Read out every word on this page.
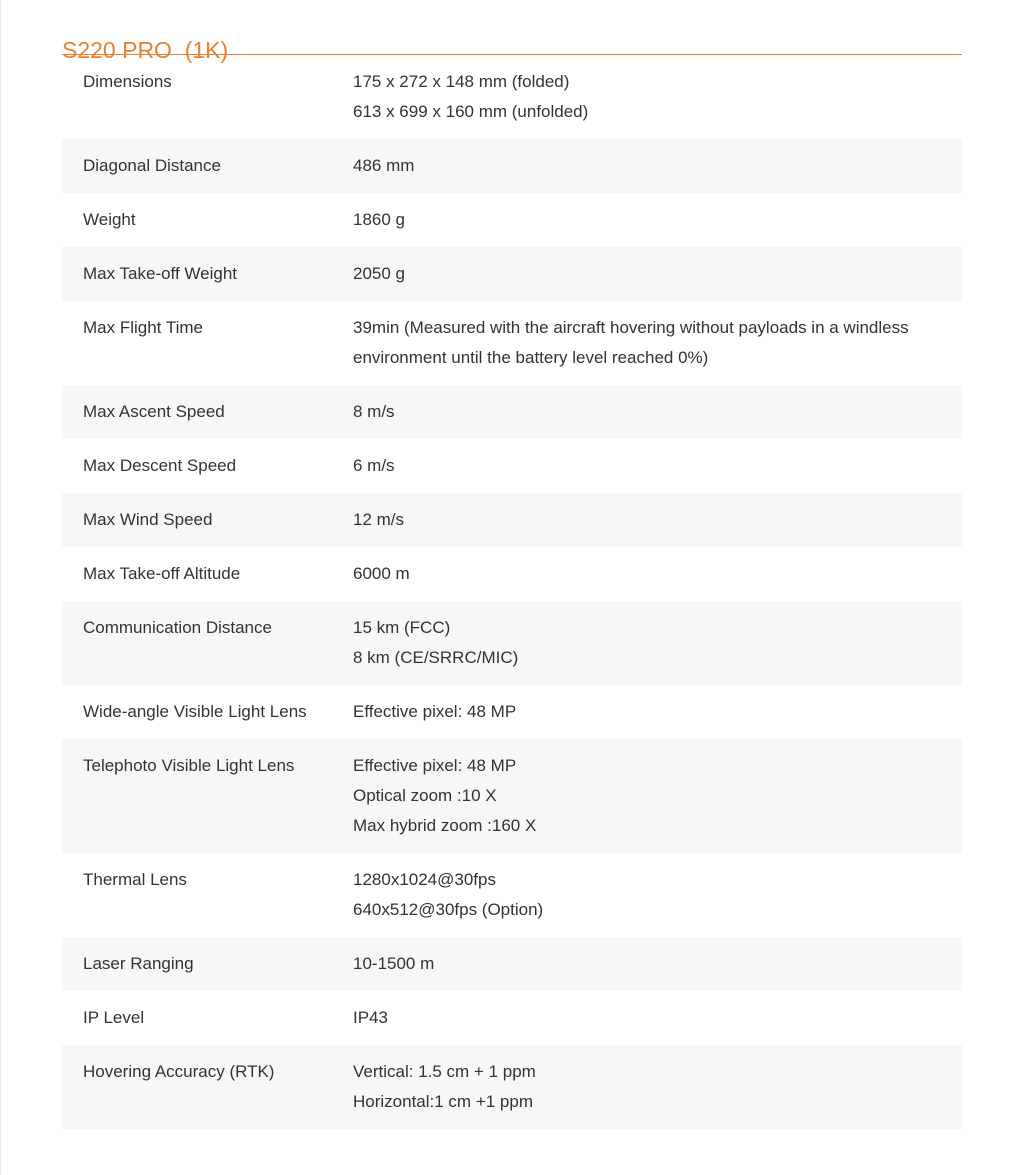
S220 PRO  (1K)
Dimensions	175 x 272 x 148 mm (folded)
613 x 699 x 160 mm (unfolded)

Diagonal Distance	486 mm

Weight	1860 g

Max Take-off Weight	2050 g

Max Flight Time	39min (Measured with the aircraft hovering without payloads in a windless environment until the battery level reached 0%)

Max Ascent Speed	8 m/s

Max Descent Speed	6 m/s

Max Wind Speed	12 m/s

Max Take-off Altitude	6000 m

Communication Distance	15 km (FCC)
8 km (CE/SRRC/MIC)

Wide-angle Visible Light Lens	Effective pixel: 48 MP

Telephoto Visible Light Lens	Effective pixel: 48 MP
Optical zoom :10 X
Max hybrid zoom :160 X

Thermal Lens	1280x1024@30fps
640x512@30fps (Option)

Laser Ranging	10-1500 m

IP Level	IP43

Hovering Accuracy (RTK)	Vertical: 1.5 cm + 1 ppm
Horizontal:1 cm +1 ppm
